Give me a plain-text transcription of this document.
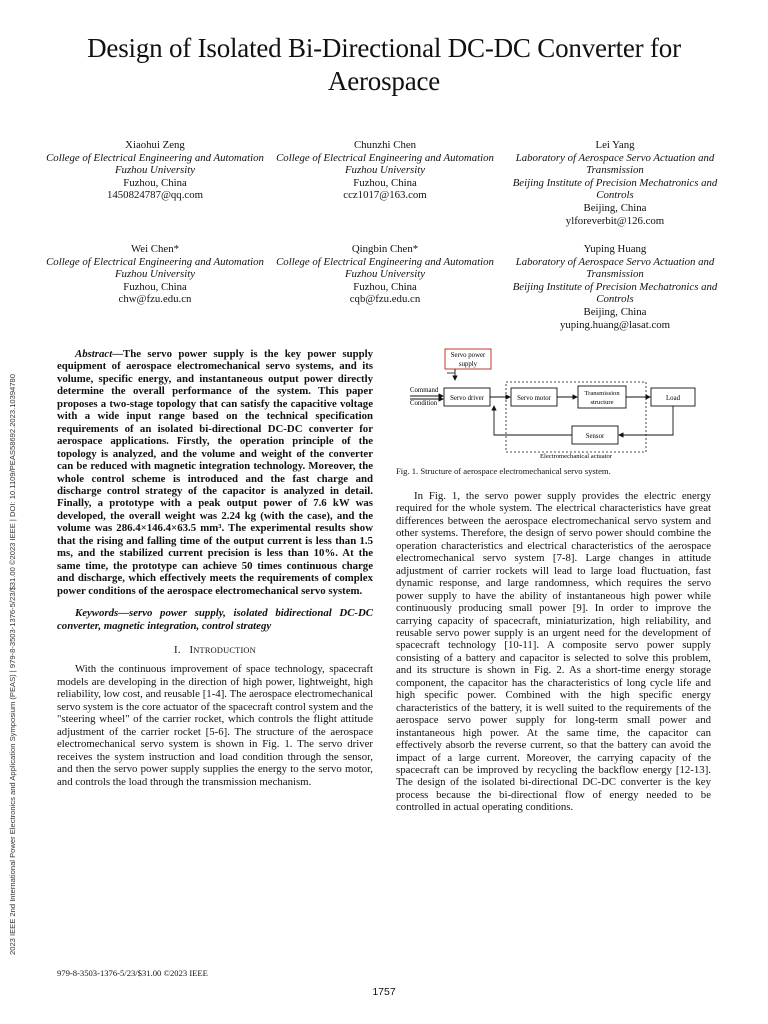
2023 IEEE 2nd International Power Electronics and Application Symposium (PEAS) | 979-8-3503-1376-5/23/$31.00 ©2023 IEEE | DOI: 10.1109/PEAS58692.2023.10394780
Design of Isolated Bi-Directional DC-DC Converter for Aerospace
Xiaohui Zeng
College of Electrical Engineering and Automation
Fuzhou University
Fuzhou, China
1450824787@qq.com
Chunzhi Chen
College of Electrical Engineering and Automation
Fuzhou University
Fuzhou, China
ccz1017@163.com
Lei Yang
Laboratory of Aerospace Servo Actuation and Transmission
Beijing Institute of Precision Mechatronics and Controls
Beijing, China
ylforeverbit@126.com
Wei Chen*
College of Electrical Engineering and Automation
Fuzhou University
Fuzhou, China
chw@fzu.edu.cn
Qingbin Chen*
College of Electrical Engineering and Automation
Fuzhou University
Fuzhou, China
cqb@fzu.edu.cn
Yuping Huang
Laboratory of Aerospace Servo Actuation and Transmission
Beijing Institute of Precision Mechatronics and Controls
Beijing, China
yuping.huang@lasat.com

Abstract—The servo power supply is the key power supply equipment of aerospace electromechanical servo systems, and its volume, specific energy, and instantaneous output power directly determine the overall performance of the system. This paper proposes a two-stage topology that can satisfy the capacitive voltage with a wide input range based on the technical specification requirements of an isolated bi-directional DC-DC converter for aerospace applications. Firstly, the operation principle of the topology is analyzed, and the volume and weight of the converter can be reduced with magnetic integration technology. Moreover, the whole control scheme is introduced and the fast charge and discharge control strategy of the capacitor is analyzed in detail. Finally, a prototype with a peak output power of 7.6 kW was developed, the overall weight was 2.24 kg (with the case), and the volume was 286.4×146.4×63.5 mm³. The experimental results show that the rising and falling time of the output current is less than 1.5 ms, and the stabilized current precision is less than 10%. At the same time, the prototype can achieve 50 times continuous charge and discharge, which effectively meets the requirements of complex power conditions of the aerospace electromechanical servo system.

Keywords—servo power supply, isolated bidirectional DC-DC converter, magnetic integration, control strategy

I. INTRODUCTION

With the continuous improvement of space technology, spacecraft models are developing in the direction of high power, lightweight, high reliability, low cost, and reusable [1-4]. The aerospace electromechanical servo system is the core actuator of the spacecraft control system and the "steering wheel" of the carrier rocket, which controls the flight attitude adjustment of the carrier rocket [5-6]. The structure of the aerospace electromechanical servo system is shown in Fig. 1. The servo driver receives the system instruction and load condition through the sensor, and then the servo power supply supplies the energy to the servo motor, and controls the load through the transmission mechanism.

Servo power
supply
Command
Condition
Servo driver	Servo motor
Transmission
structure
Load
Sensor
Electromechanical actuator
Fig. 1. Structure of aerospace electromechanical servo system.

In Fig. 1, the servo power supply provides the electric energy required for the whole system. The electrical characteristics have great differences between the aerospace electromechanical servo system and other systems. Therefore, the design of servo power should combine the operation characteristics and electrical characteristics of the aerospace electromechanical servo system [7-8]. Large changes in attitude adjustment of carrier rockets will lead to large load fluctuation, fast dynamic response, and large randomness, which requires the servo power supply to have the ability of instantaneous high power while continuously producing small power [9]. In order to improve the carrying capacity of spacecraft, miniaturization, high reliability, and reusable servo power supply is an urgent need for the development of spacecraft technology [10-11]. A composite servo power supply consisting of a battery and capacitor is selected to solve this problem, and its structure is shown in Fig. 2. As a short-time energy storage component, the capacitor has the characteristics of long cycle life and high specific power. Combined with the high specific energy characteristics of the battery, it is well suited to the requirements of the aerospace servo power supply for long-term small power and instantaneous high power. At the same time, the capacitor can effectively absorb the reverse current, so that the battery can avoid the impact of a large current. Moreover, the carrying capacity of the spacecraft can be improved by recycling the backflow energy [12-13]. The design of the isolated bi-directional DC-DC converter is the key process because the bi-directional flow of energy needed to be controlled in actual operating conditions.

979-8-3503-1376-5/23/$31.00 ©2023 IEEE
1757
